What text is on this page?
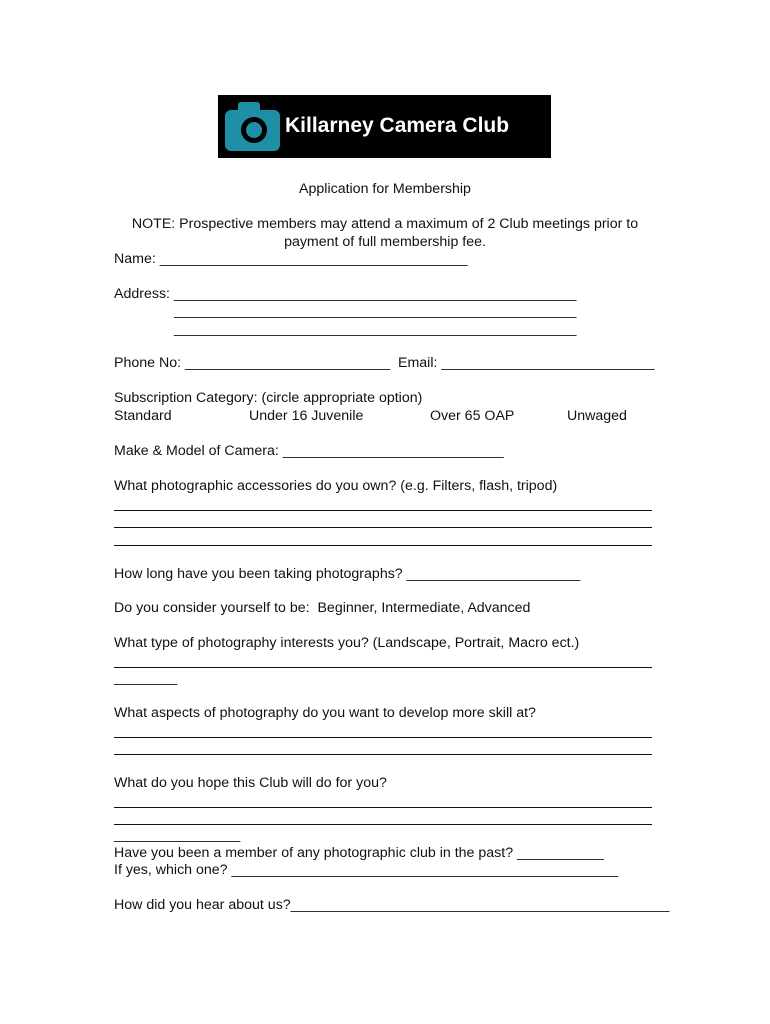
Killarney Camera Club
Application for Membership
NOTE: Prospective members may attend a maximum of 2 Club meetings prior to
payment of full membership fee.
Name: _______________________________________
Address: ___________________________________________________
___________________________________________________
___________________________________________________
Phone No: __________________________ Email: ___________________________
Subscription Category: (circle appropriate option)
Standard	Under 16 Juvenile	Over 65 OAP	Unwaged
Make & Model of Camera: ____________________________
What photographic accessories do you own? (e.g. Filters, flash, tripod)
How long have you been taking photographs? ______________________
Do you consider yourself to be:  Beginner, Intermediate, Advanced
What type of photography interests you? (Landscape, Portrait, Macro ect.)
________
What aspects of photography do you want to develop more skill at?
What do you hope this Club will do for you?
________________
Have you been a member of any photographic club in the past? ___________
If yes, which one? _________________________________________________
How did you hear about us?________________________________________________
